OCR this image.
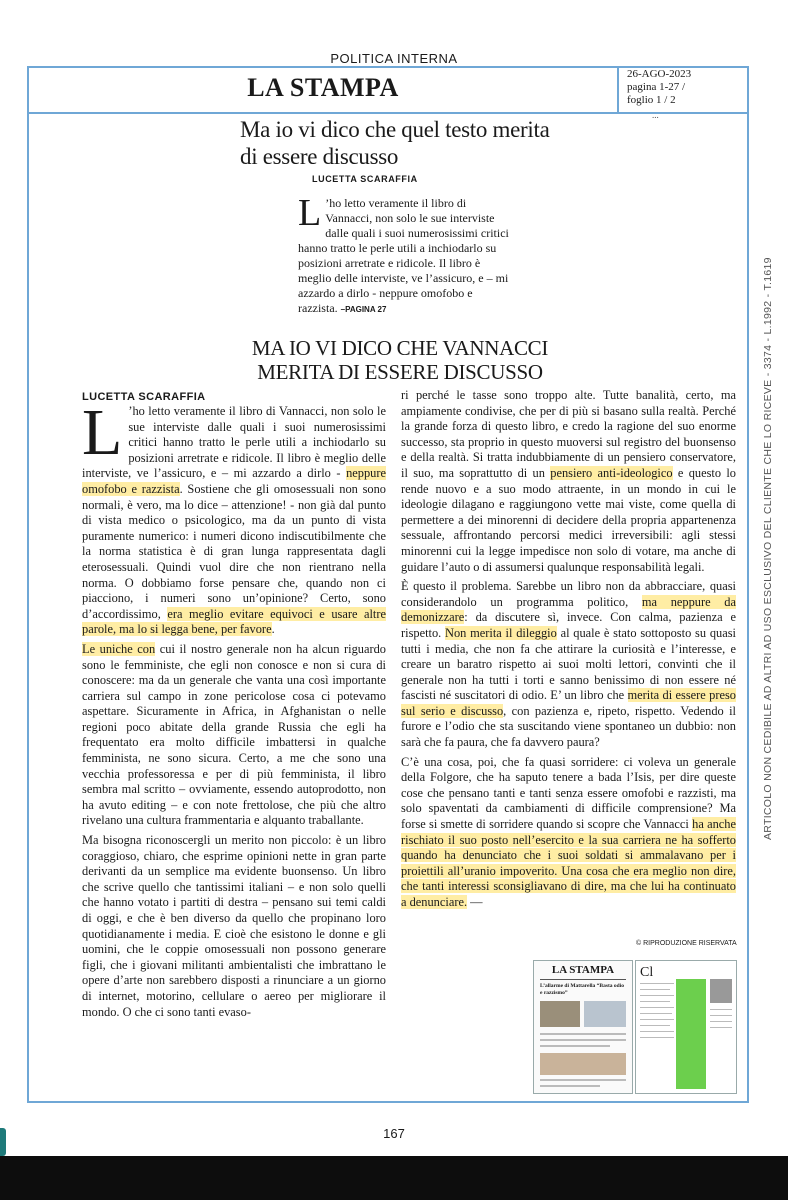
POLITICA INTERNA
LA STAMPA	26-AGO-2023
pagina 1-27 /
foglio 1 / 2
...
ARTICOLO NON CEDIBILE AD ALTRI AD USO ESCLUSIVO DEL CLIENTE CHE LO RICEVE - 3374 - L.1992 - T.1619
Ma io vi dico che quel testo merita di essere discusso
LUCETTA SCARAFFIA
L ’ho letto veramente il libro di Vannacci, non solo le sue interviste dalle quali i suoi numerosissimi critici hanno tratto le perle utili a inchiodarlo su posizioni arretrate e ridicole. Il libro è meglio delle interviste, ve l’assicuro, e – mi azzardo a dirlo - neppure omofobo e razzista. –PAGINA 27
MA IO VI DICO CHE VANNACCI
MERITA DI ESSERE DISCUSSO
LUCETTA SCARAFFIA

L ’ho letto veramente il libro di Vannacci, non solo le sue interviste dalle quali i suoi numerosissimi critici hanno tratto le perle utili a inchiodarlo su posizioni arretrate e ridicole. Il libro è meglio delle interviste, ve l’assicuro, e – mi azzardo a dirlo - neppure omofobo e razzista. Sostiene che gli omosessuali non sono normali, è vero, ma lo dice – attenzione! - non già dal punto di vista medico o psicologico, ma da un punto di vista puramente numerico: i numeri dicono indiscutibilmente che la norma statistica è di gran lunga rappresentata dagli eterosessuali. Quindi vuol dire che non rientrano nella norma. O dobbiamo forse pensare che, quando non ci piacciono, i numeri sono un’opinione? Certo, sono d’accordissimo, era meglio evitare equivoci e usare altre parole, ma lo si legga bene, per favore.

Le uniche con cui il nostro generale non ha alcun riguardo sono le femministe, che egli non conosce e non si cura di conoscere: ma da un generale che vanta una così importante carriera sul campo in zone pericolose cosa ci potevamo aspettare. Sicuramente in Africa, in Afghanistan o nelle regioni poco abitate della grande Russia che egli ha frequentato era molto difficile imbattersi in qualche femminista, ne sono sicura. Certo, a me che sono una vecchia professoressa e per di più femminista, il libro sembra mal scritto – ovviamente, essendo autoprodotto, non ha avuto editing – e con note frettolose, che più che altro rivelano una cultura frammentaria e alquanto traballante.

Ma bisogna riconoscergli un merito non piccolo: è un libro coraggioso, chiaro, che esprime opinioni nette in gran parte derivanti da un semplice ma evidente buonsenso. Un libro che scrive quello che tantissimi italiani – e non solo quelli che hanno votato i partiti di destra – pensano sui temi caldi di oggi, e che è ben diverso da quello che propinano loro quotidianamente i media. E cioè che esistono le donne e gli uomini, che le coppie omosessuali non possono generare figli, che i giovani militanti ambientalisti che imbrattano le opere d’arte non sarebbero disposti a rinunciare a un giorno di internet, motorino, cellulare o aereo per migliorare il mondo. O che ci sono tanti evaso-

ri perché le tasse sono troppo alte. Tutte banalità, certo, ma ampiamente condivise, che per di più si basano sulla realtà. Perché la grande forza di questo libro, e credo la ragione del suo enorme successo, sta proprio in questo muoversi sul registro del buonsenso e della realtà. Si tratta indubbiamente di un pensiero conservatore, il suo, ma soprattutto di un pensiero anti-ideologico e questo lo rende nuovo e a suo modo attraente, in un mondo in cui le ideologie dilagano e raggiungono vette mai viste, come quella di permettere a dei minorenni di decidere della propria appartenenza sessuale, affrontando percorsi medici irreversibili: agli stessi minorenni cui la legge impedisce non solo di votare, ma anche di guidare l’auto o di assumersi qualunque responsabilità legali.

È questo il problema. Sarebbe un libro non da abbracciare, quasi considerandolo un programma politico, ma neppure da demonizzare: da discutere sì, invece. Con calma, pazienza e rispetto. Non merita il dileggio al quale è stato sottoposto su quasi tutti i media, che non fa che attirare la curiosità e l’interesse, e creare un baratro rispetto ai suoi molti lettori, convinti che il generale non ha tutti i torti e sanno benissimo di non essere né fascisti né suscitatori di odio. E’ un libro che merita di essere preso sul serio e discusso, con pazienza e, ripeto, rispetto. Vedendo il furore e l’odio che sta suscitando viene spontaneo un dubbio: non sarà che fa paura, che fa davvero paura?

C’è una cosa, poi, che fa quasi sorridere: ci voleva un generale della Folgore, che ha saputo tenere a bada l’Isis, per dire queste cose che pensano tanti e tanti senza essere omofobi e razzisti, ma solo spaventati da cambiamenti di difficile comprensione? Ma forse si smette di sorridere quando si scopre che Vannacci ha anche rischiato il suo posto nell’esercito e la sua carriera ne ha sofferto quando ha denunciato che i suoi soldati si ammalavano per i proiettili all’uranio impoverito. Una cosa che era meglio non dire, che tanti interessi sconsigliavano di dire, ma che lui ha continuato a denunciare. —

© RIPRODUZIONE RISERVATA
LA STAMPA
L’allarme di Mattarella “Basta odio e razzismo”
Cl
167
